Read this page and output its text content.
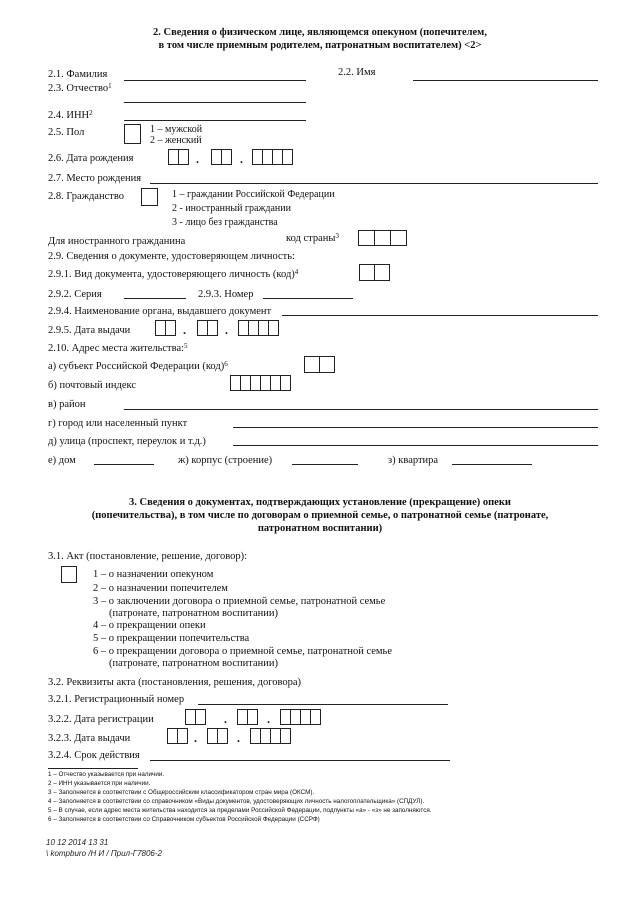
2. Сведения о физическом лице, являющемся опекуном (попечителем,
в том числе приемным родителем, патронатным воспитателем) <2>
2.1. Фамилия	2.2. Имя
2.3. Отчество$^1$
2.4. ИНН$^2$
2.5. Пол	1 – мужской
2 – женский
2.6. Дата рождения	.	.
2.7. Место рождения
2.8. Гражданство	1 – граждании Российской Федерации
2 - иностранный граждании
3 - лицо без гражданства
Для иностранного гражданина	код страны$^3$
2.9. Сведения о документе, удостоверяющем личность:
2.9.1. Вид документа, удостоверяющего личность (код)$^4$
2.9.2. Серия	2.9.3. Номер
2.9.4. Наименование органа, выдавшего документ
2.9.5. Дата выдачи	.	.
2.10. Адрес места жительства:$^5$
а) субъект Российской Федерации (код)$^6$
б) почтовый индекс
в) район
г) город или населенный пункт
д) улица (проспект, переулок и т.д.)
е) дом	ж) корпус (строение)	з) квартира
3. Сведения о документах, подтверждающих установление (прекращение) опеки
(попечительства), в том числе по договорам о приемной семье, о патронатной семье (патронате,
патронатном воспитании)
3.1. Акт (постановление, решение, договор):
1 – о назначении опекуном
2 – о назначении попечителем
3 – о заключении договора о приемной семье, патронатной семье
(патронате, патронатном воспитании)
4 – о прекращении опеки
5 – о прекращении попечительства
6 – о прекращении договора о приемной семье, патронатной семье
(патронате, патронатном воспитании)
3.2. Реквизиты акта (постановления, решения, договора)
3.2.1. Регистрационный номер
3.2.2. Дата регистрации	.	.
3.2.3. Дата выдачи	.	.
3.2.4. Срок действия
1 – Отчество указывается при наличии.
2 – ИНН указывается при наличии.
3 – Заполняется в соответствии с Общероссийским классификатором стран мира (ОКСМ).
4 – Заполняется в соответствии со справочником «Виды документов, удостоверяющих личность налогоплательщика» (СПДУЛ).
5 – В случае, если адрес места жительства находится за пределами Российской Федерации, подпункты «а» - «з» не заполняются.
6 – Заполняется в соответствии со Справочником субъектов Российской Федерации (ССРФ)
10 12 2014 13 31
\ kompburo /Н И / Прил-Г7806-2
